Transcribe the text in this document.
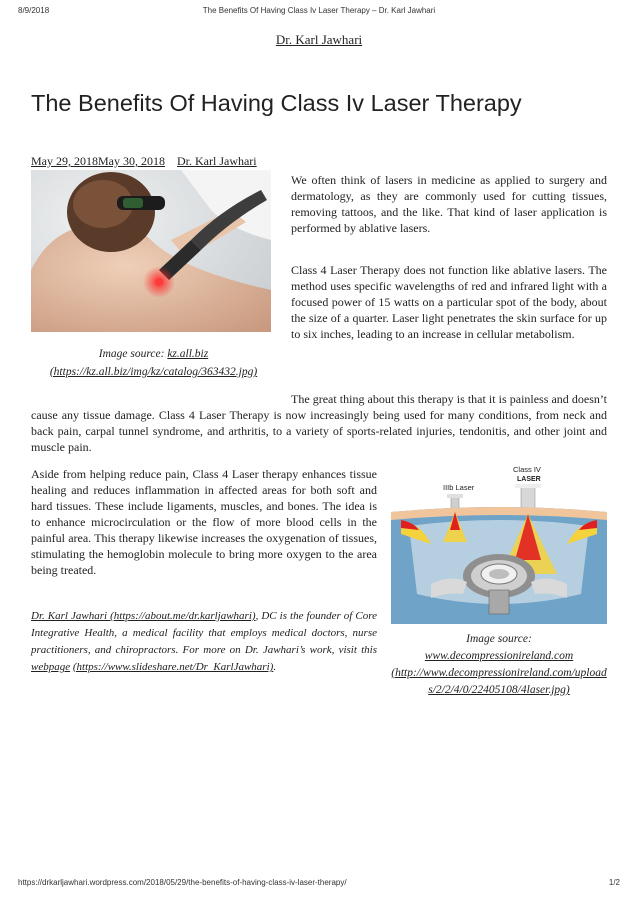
8/9/2018	The Benefits Of Having Class Iv Laser Therapy – Dr. Karl Jawhari
Dr. Karl Jawhari
The Benefits Of Having Class Iv Laser Therapy
May 29, 2018May 30, 2018 Dr. Karl Jawhari
Image source: kz.all.biz
(https://kz.all.biz/img/kz/catalog/363432.jpg)

We often think of lasers in medicine as applied to surgery and dermatology, as they are commonly used for cutting tissues, removing tattoos, and the like. That kind of laser application is performed by ablative lasers.

Class 4 Laser Therapy does not function like ablative lasers. The method uses specific wavelengths of red and infrared light with a focused power of 15 watts on a particular spot of the body, about the size of a quarter. Laser light penetrates the skin surface for up to six inches, leading to an increase in cellular metabolism.

The great thing about this therapy is that it is painless and doesn’t cause any tissue damage. Class 4 Laser Therapy is now increasingly being used for many conditions, from neck and back pain, carpal tunnel syndrome, and arthritis, to a variety of sports-related injuries, tendonitis, and other joint and muscle pain.

Aside from helping reduce pain, Class 4 Laser therapy enhances tissue healing and reduces inflammation in affected areas for both soft and hard tissues. These include ligaments, muscles, and bones. The idea is to enhance microcirculation or the flow of more blood cells in the painful area. This therapy likewise increases the oxygenation of tissues, stimulating the hemoglobin molecule to bring more oxygen to the area being treated.

Dr. Karl Jawhari (https://about.me/dr.karljawhari), DC is the founder of Core Integrative Health, a medical facility that employs medical doctors, nurse practitioners, and chiropractors. For more on Dr. Jawhari’s work, visit this webpage (https://www.slideshare.net/Dr_KarlJawhari).

IIIb Laser
Class IV
LASER
Image source:
www.decompressionireland.com
(http://www.decompressionireland.com/uploads/2/2/4/0/22405108/4laser.jpg)
https://drkarljawhari.wordpress.com/2018/05/29/the-benefits-of-having-class-iv-laser-therapy/	1/2
